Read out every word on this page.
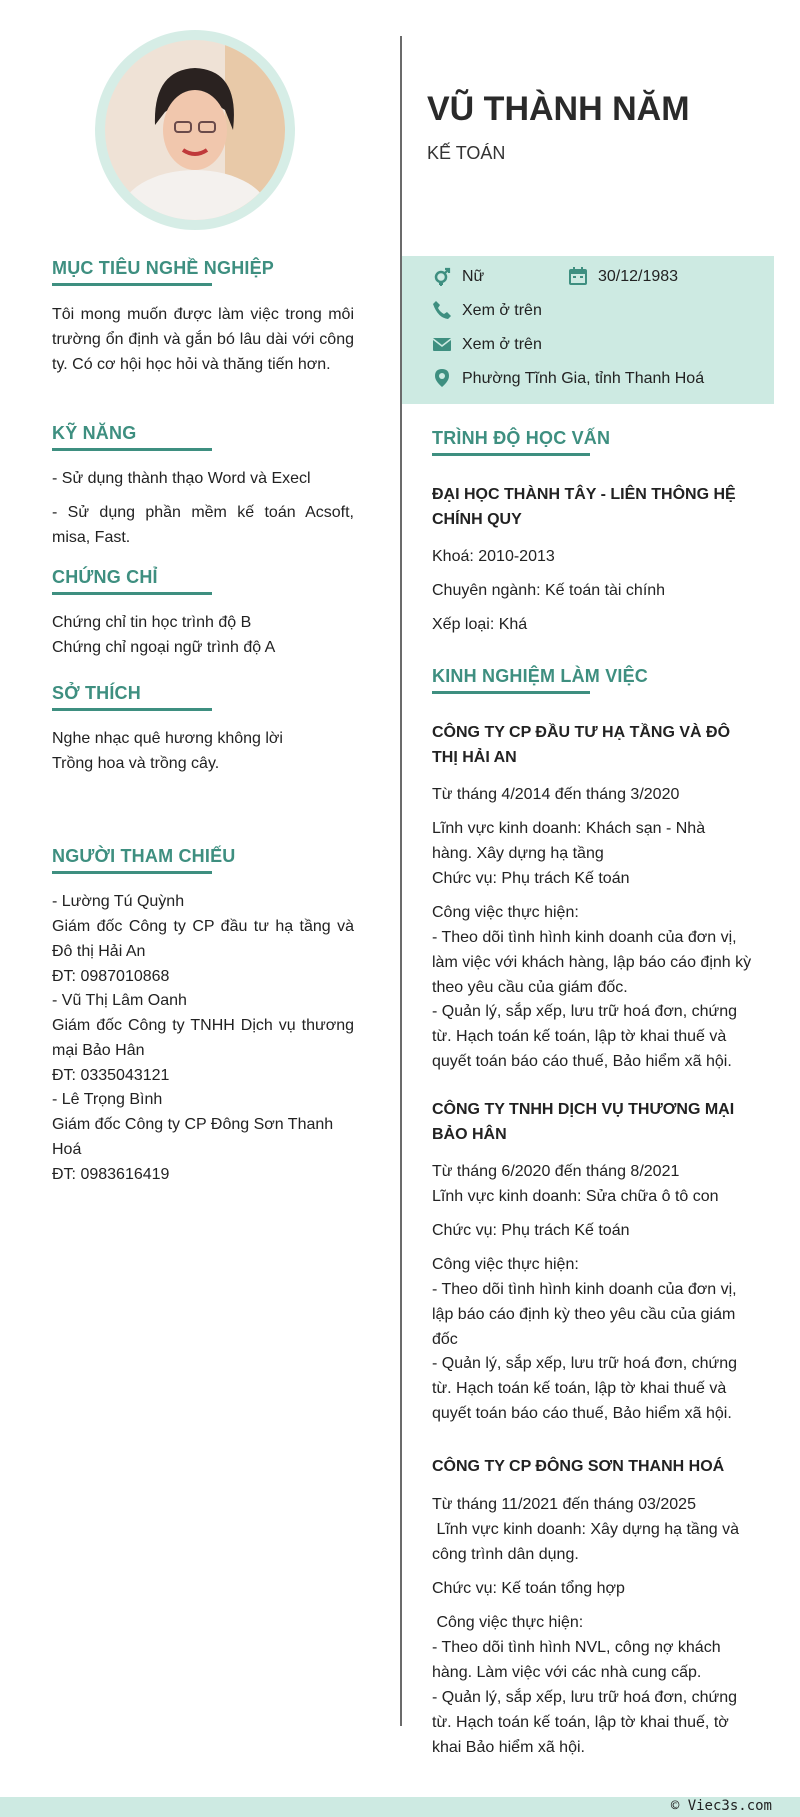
MỤC TIÊU NGHỀ NGHIỆP
Tôi mong muốn được làm việc trong môi trường ổn định và gắn bó lâu dài với công ty. Có cơ hội học hỏi và thăng tiến hơn.
KỸ NĂNG
- Sử dụng thành thạo Word và Execl
- Sử dụng phần mềm kế toán Acsoft, misa, Fast.
CHỨNG CHỈ
Chứng chỉ tin học trình độ B
Chứng chỉ ngoại ngữ trình độ A
SỞ THÍCH
Nghe nhạc quê hương không lời
Trồng hoa và trồng cây.
NGƯỜI THAM CHIẾU
- Lường Tú Quỳnh
Giám đốc Công ty CP đầu tư hạ tầng và Đô thị Hải An
ĐT: 0987010868
- Vũ Thị Lâm Oanh
Giám đốc Công ty TNHH Dịch vụ thương mại Bảo Hân
ĐT: 0335043121
- Lê Trọng Bình
Giám đốc Công ty CP Đông Sơn Thanh Hoá
ĐT: 0983616419
VŨ THÀNH NĂM
KẾ TOÁN
Nữ	30/12/1983
Xem ở trên
Xem ở trên
Phường Tĩnh Gia, tỉnh Thanh Hoá
TRÌNH ĐỘ HỌC VẤN
ĐẠI HỌC THÀNH TÂY - LIÊN THÔNG HỆ CHÍNH QUY
Khoá: 2010-2013
Chuyên ngành: Kế toán tài chính
Xếp loại: Khá
KINH NGHIỆM LÀM VIỆC
CÔNG TY CP ĐẦU TƯ HẠ TẦNG VÀ ĐÔ THỊ HẢI AN
Từ tháng 4/2014 đến tháng 3/2020
Lĩnh vực kinh doanh: Khách sạn - Nhà hàng. Xây dựng hạ tầng
Chức vụ: Phụ trách Kế toán
Công việc thực hiện:
- Theo dõi tình hình kinh doanh của đơn vị, làm việc với khách hàng, lập báo cáo định kỳ theo yêu cầu của giám đốc.
- Quản lý, sắp xếp, lưu trữ hoá đơn, chứng từ. Hạch toán kế toán, lập tờ khai thuế và quyết toán báo cáo thuế, Bảo hiểm xã hội.
CÔNG TY TNHH DỊCH VỤ THƯƠNG MẠI BẢO HÂN
Từ tháng 6/2020 đến tháng 8/2021
Lĩnh vực kinh doanh: Sửa chữa ô tô con
Chức vụ: Phụ trách Kế toán
Công việc thực hiện:
- Theo dõi tình hình kinh doanh của đơn vị, lập báo cáo định kỳ theo yêu cầu của giám đốc
- Quản lý, sắp xếp, lưu trữ hoá đơn, chứng từ. Hạch toán kế toán, lập tờ khai thuế và quyết toán báo cáo thuế, Bảo hiểm xã hội.
CÔNG TY CP ĐÔNG SƠN THANH HOÁ
Từ tháng 11/2021 đến tháng 03/2025
Lĩnh vực kinh doanh: Xây dựng hạ tầng và công trình dân dụng.
Chức vụ: Kế toán tổng hợp
Công việc thực hiện:
- Theo dõi tình hình NVL, công nợ khách hàng. Làm việc với các nhà cung cấp.
- Quản lý, sắp xếp, lưu trữ hoá đơn, chứng từ. Hạch toán kế toán, lập tờ khai thuế, tờ khai Bảo hiểm xã hội.
© Viec3s.com
